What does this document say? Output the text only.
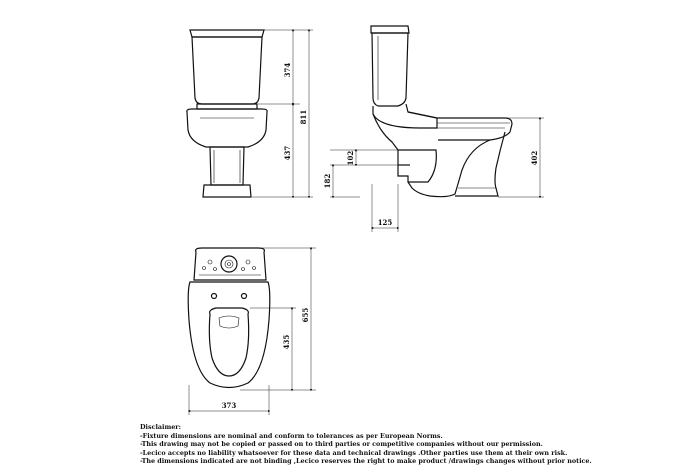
374
437
811
102
182
402
125
435
655
373
Disclaimer:
-Fixture dimensions are nominal and conform to tolerances as per European Norms.
-This drawing may not be copied or passed on to third parties or competitive companies without our permission.
-Lecico accepts no liability whatsoever for these data and technical drawings .Other parties use them at their own risk.
-The dimensions indicated are not binding ,Lecico reserves the right to make product /drawings changes without prior notice.
